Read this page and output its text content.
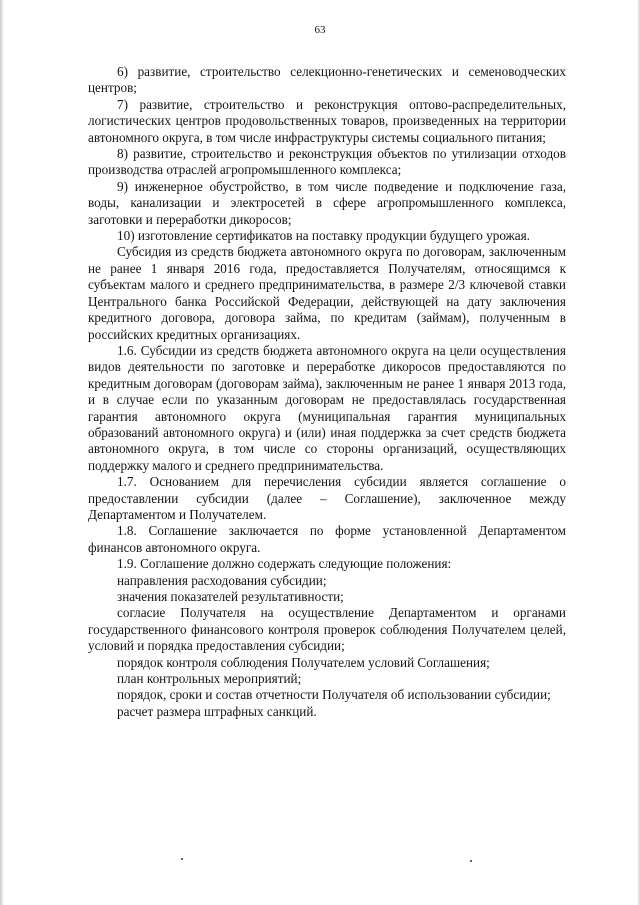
63

6) развитие, строительство селекционно-генетических и семеноводческих центров;

7) развитие, строительство и реконструкция оптово-распределительных, логистических центров продовольственных товаров, произведенных на территории автономного округа, в том числе инфраструктуры системы социального питания;

8) развитие, строительство и реконструкция объектов по утилизации отходов производства отраслей агропромышленного комплекса;

9) инженерное обустройство, в том числе подведение и подключение газа, воды, канализации и электросетей в сфере агропромышленного комплекса, заготовки и переработки дикоросов;

10) изготовление сертификатов на поставку продукции будущего урожая.

Субсидия из средств бюджета автономного округа по договорам, заключенным не ранее 1 января 2016 года, предоставляется Получателям, относящимся к субъектам малого и среднего предпринимательства, в размере 2/3 ключевой ставки Центрального банка Российской Федерации, действующей на дату заключения кредитного договора, договора займа, по кредитам (займам), полученным в российских кредитных организациях.

1.6. Субсидии из средств бюджета автономного округа на цели осуществления видов деятельности по заготовке и переработке дикоросов предоставляются по кредитным договорам (договорам займа), заключенным не ранее 1 января 2013 года, и в случае если по указанным договорам не предоставлялась государственная гарантия автономного округа (муниципальная гарантия муниципальных образований автономного округа) и (или) иная поддержка за счет средств бюджета автономного округа, в том числе со стороны организаций, осуществляющих поддержку малого и среднего предпринимательства.

1.7. Основанием для перечисления субсидии является соглашение о предоставлении субсидии (далее – Соглашение), заключенное между Департаментом и Получателем.

1.8. Соглашение заключается по форме установленной Департаментом финансов автономного округа.

1.9. Соглашение должно содержать следующие положения:

направления расходования субсидии;

значения показателей результативности;

согласие Получателя на осуществление Департаментом и органами государственного финансового контроля проверок соблюдения Получателем целей, условий и порядка предоставления субсидии;

порядок контроля соблюдения Получателем условий Соглашения;

план контрольных мероприятий;

порядок, сроки и состав отчетности Получателя об использовании субсидии;

расчет размера штрафных санкций.
